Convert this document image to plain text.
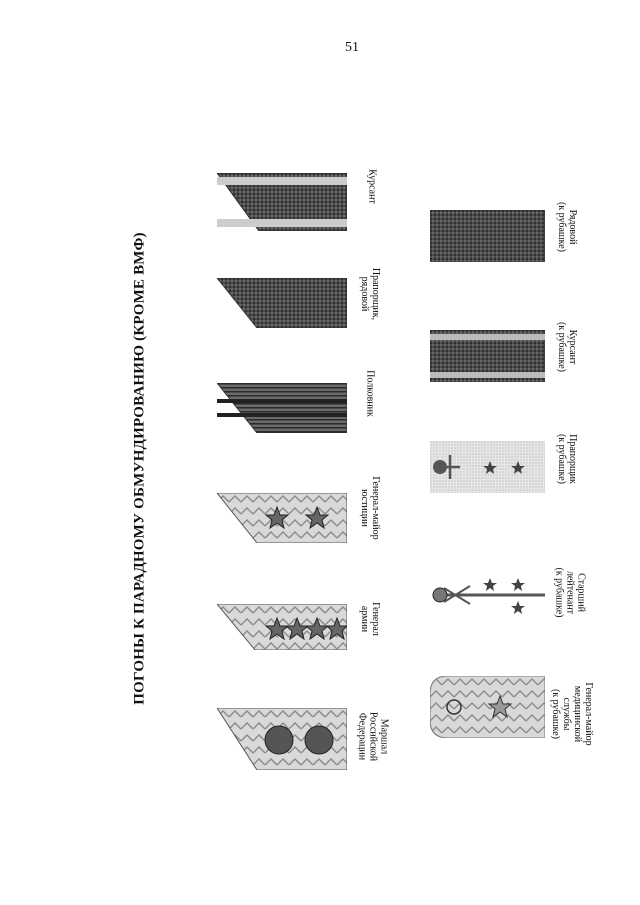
51
ПОГОНЫ К ПАРАДНОМУ ОБМУНДИРОВАНИЮ (КРОМЕ ВМФ)
Маршал
Российской
Федерации
Генерал
армии
Генерал-майор
юстиции
Полковник
Прапорщик,
рядовой
Курсант
Генерал-майор
медицинской
службы
(к рубашке)
Старший
лейтенант
(к рубашке)
Прапорщик
(к рубашке)
Курсант
(к рубашке)
Рядовой
(к рубашке)
